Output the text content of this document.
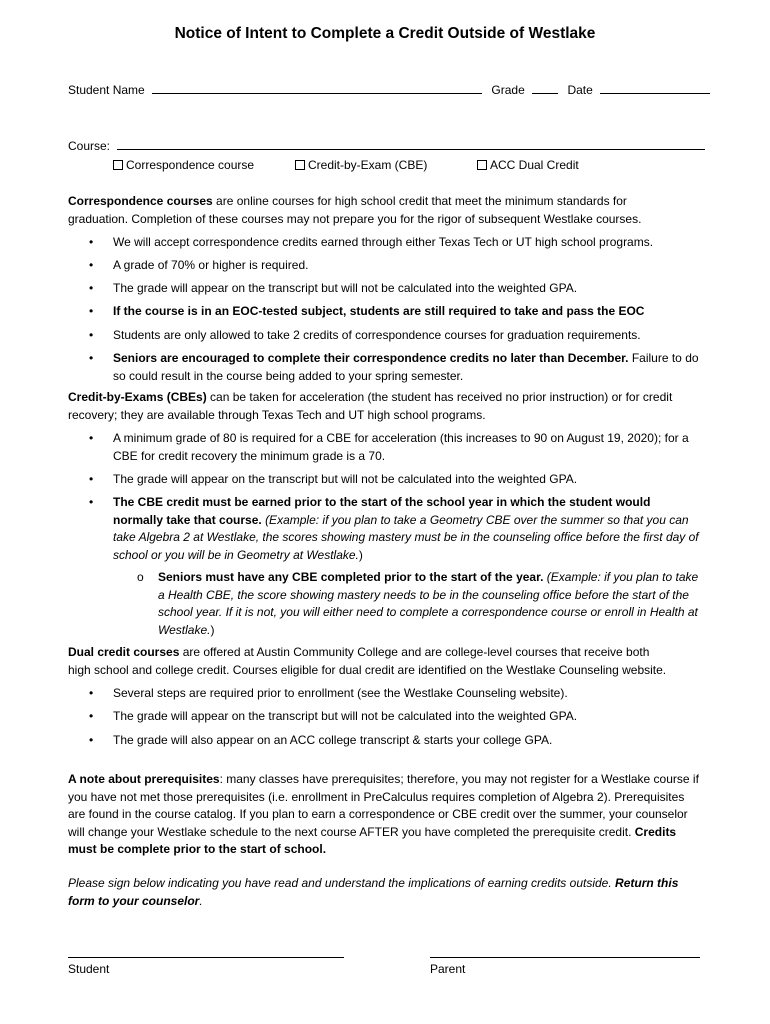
Notice of Intent to Complete a Credit Outside of Westlake
Student Name	Grade	Date
Course:
Correspondence course	Credit-by-Exam (CBE)	ACC Dual Credit
Correspondence courses are online courses for high school credit that meet the minimum standards for
graduation. Completion of these courses may not prepare you for the rigor of subsequent Westlake courses.
• We will accept correspondence credits earned through either Texas Tech or UT high school programs.
• A grade of 70% or higher is required.
• The grade will appear on the transcript but will not be calculated into the weighted GPA.
• If the course is in an EOC-tested subject, students are still required to take and pass the EOC
• Students are only allowed to take 2 credits of correspondence courses for graduation requirements.
• Seniors are encouraged to complete their correspondence credits no later than December. Failure to do so could result in the course being added to your spring semester.
Credit-by-Exams (CBEs) can be taken for acceleration (the student has received no prior instruction) or for credit
recovery; they are available through Texas Tech and UT high school programs.
• A minimum grade of 80 is required for a CBE for acceleration (this increases to 90 on August 19, 2020); for a CBE for credit recovery the minimum grade is a 70.
• The grade will appear on the transcript but will not be calculated into the weighted GPA.
• The CBE credit must be earned prior to the start of the school year in which the student would normally take that course. (Example: if you plan to take a Geometry CBE over the summer so that you can take Algebra 2 at Westlake, the scores showing mastery must be in the counseling office before the first day of school or you will be in Geometry at Westlake.)
o	Seniors must have any CBE completed prior to the start of the year. (Example: if you plan to take a Health CBE, the score showing mastery needs to be in the counseling office before the start of the school year. If it is not, you will either need to complete a correspondence course or enroll in Health at Westlake.)
Dual credit courses are offered at Austin Community College and are college-level courses that receive both
high school and college credit. Courses eligible for dual credit are identified on the Westlake Counseling website.
• Several steps are required prior to enrollment (see the Westlake Counseling website).
• The grade will appear on the transcript but will not be calculated into the weighted GPA.
• The grade will also appear on an ACC college transcript & starts your college GPA.
A note about prerequisites: many classes have prerequisites; therefore, you may not register for a Westlake course if you have not met those prerequisites (i.e. enrollment in PreCalculus requires completion of Algebra 2). Prerequisites are found in the course catalog. If you plan to earn a correspondence or CBE credit over the summer, your counselor will change your Westlake schedule to the next course AFTER you have completed the prerequisite credit. Credits must be complete prior to the start of school.
Please sign below indicating you have read and understand the implications of earning credits outside. Return this form to your counselor.
Student	Parent
